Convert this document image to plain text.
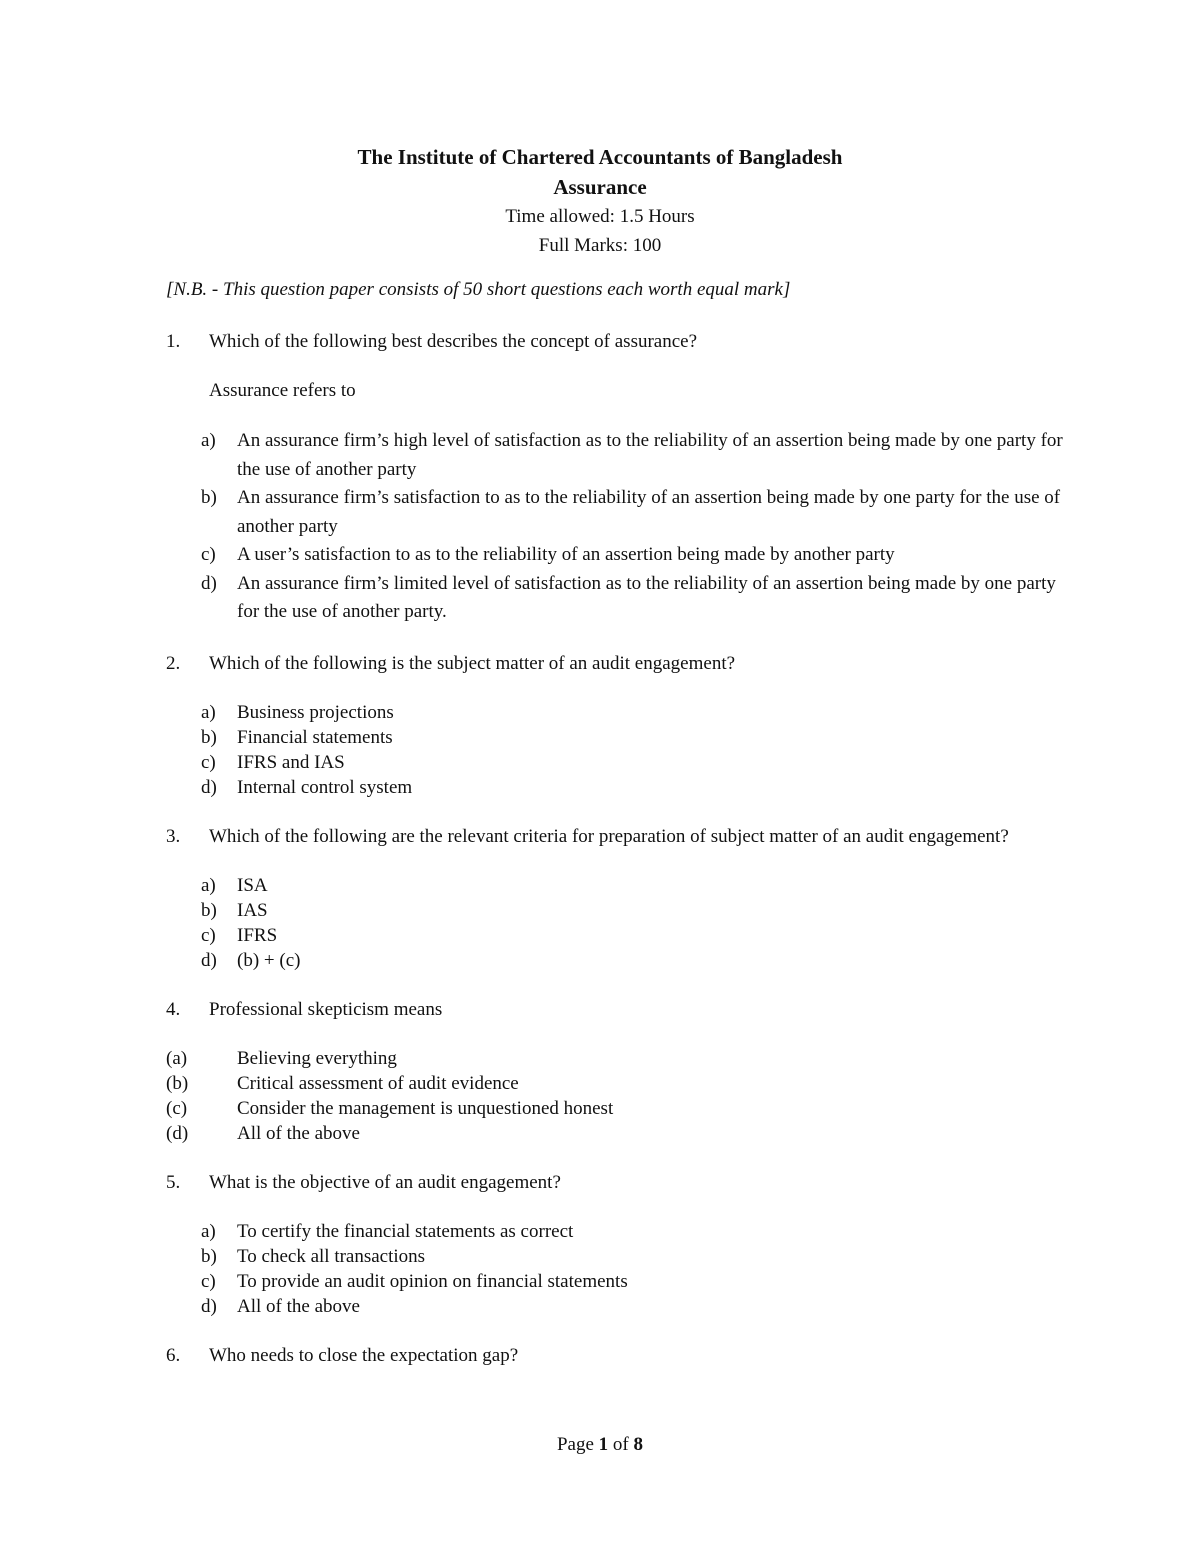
The Institute of Chartered Accountants of Bangladesh
Assurance
Time allowed: 1.5 Hours
Full Marks: 100
[N.B. - This question paper consists of 50 short questions each worth equal mark]
1. Which of the following best describes the concept of assurance?
Assurance refers to
a) An assurance firm’s high level of satisfaction as to the reliability of an assertion being made by one party for the use of another party
b) An assurance firm’s satisfaction to as to the reliability of an assertion being made by one party for the use of another party
c) A user’s satisfaction to as to the reliability of an assertion being made by another party
d) An assurance firm’s limited level of satisfaction as to the reliability of an assertion being made by one party for the use of another party.
2. Which of the following is the subject matter of an audit engagement?
a) Business projections
b) Financial statements
c) IFRS and IAS
d) Internal control system
3. Which of the following are the relevant criteria for preparation of subject matter of an audit engagement?
a) ISA
b) IAS
c) IFRS
d) (b) + (c)
4. Professional skepticism means
(a)	Believing everything
(b)	Critical assessment of audit evidence
(c)	Consider the management is unquestioned honest
(d)	All of the above
5. What is the objective of an audit engagement?
a) To certify the financial statements as correct
b) To check all transactions
c) To provide an audit opinion on financial statements
d) All of the above
6. Who needs to close the expectation gap?
Page 1 of 8
